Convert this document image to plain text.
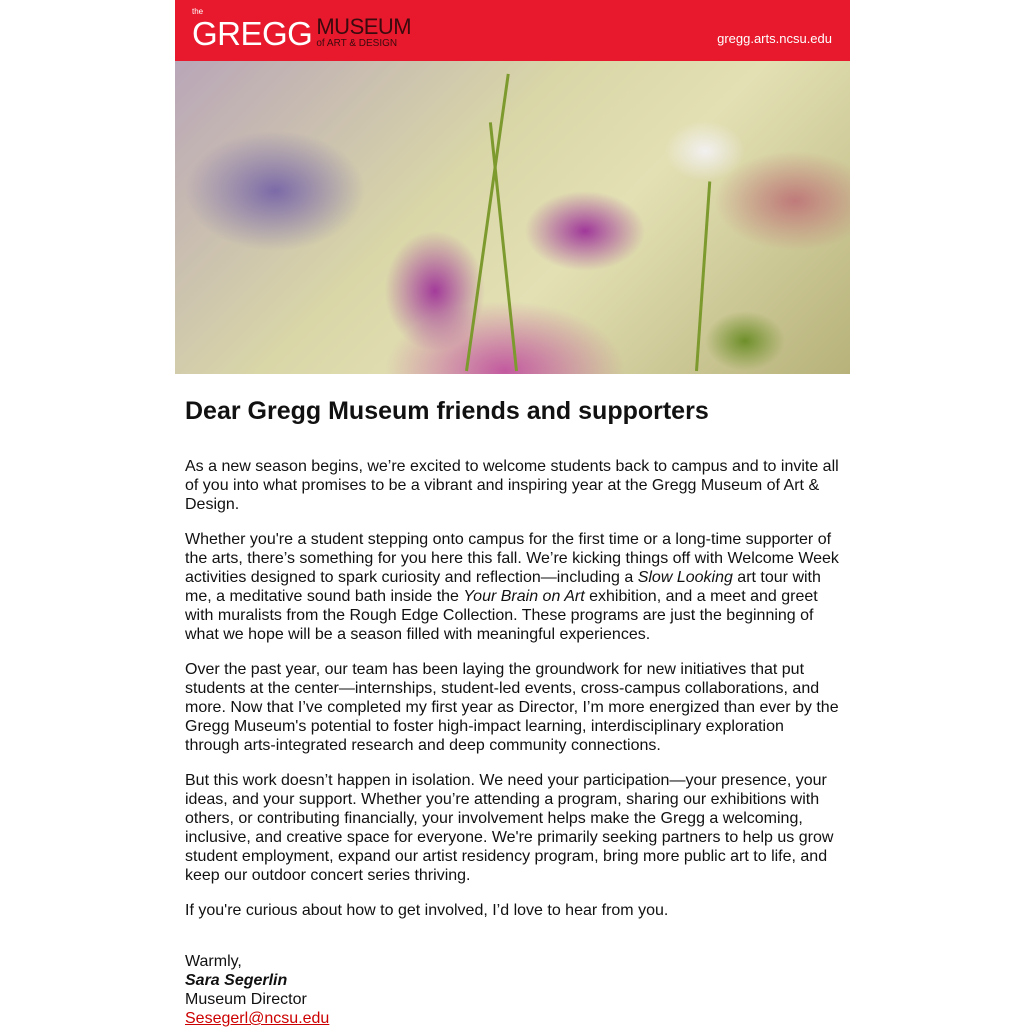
the
GREGG MUSEUM
of ART & DESIGN	gregg.arts.ncsu.edu
Dear Gregg Museum friends and supporters

As a new season begins, we’re excited to welcome students back to campus and to invite all of you into what promises to be a vibrant and inspiring year at the Gregg Museum of Art & Design.

Whether you're a student stepping onto campus for the first time or a long-time supporter of the arts, there’s something for you here this fall. We’re kicking things off with Welcome Week activities designed to spark curiosity and reflection—including a Slow Looking art tour with me, a meditative sound bath inside the Your Brain on Art exhibition, and a meet and greet with muralists from the Rough Edge Collection. These programs are just the beginning of what we hope will be a season filled with meaningful experiences.

Over the past year, our team has been laying the groundwork for new initiatives that put students at the center—internships, student-led events, cross-campus collaborations, and more. Now that I’ve completed my first year as Director, I’m more energized than ever by the Gregg Museum's potential to foster high-impact learning, interdisciplinary exploration through arts-integrated research and deep community connections.

But this work doesn’t happen in isolation. We need your participation—your presence, your ideas, and your support. Whether you’re attending a program, sharing our exhibitions with others, or contributing financially, your involvement helps make the Gregg a welcoming, inclusive, and creative space for everyone. We're primarily seeking partners to help us grow student employment, expand our artist residency program, bring more public art to life, and keep our outdoor concert series thriving.

If you're curious about how to get involved, I’d love to hear from you.

Warmly,
Sara Segerlin
Museum Director
Sesegerl@ncsu.edu
